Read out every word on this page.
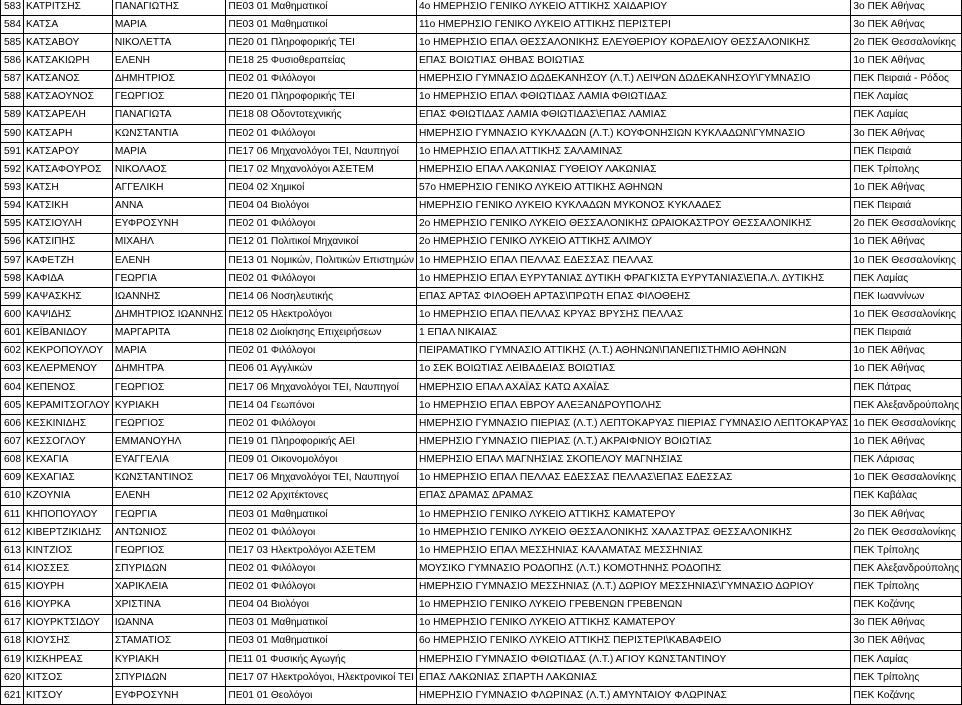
	583	ΚΑΤΡΙΤΣΗΣ	ΠΑΝΑΓΙΩΤΗΣ	ΠΕ03 01 Μαθηματικοί	4ο ΗΜΕΡΗΣΙΟ ΓΕΝΙΚΟ ΛΥΚΕΙΟ ΑΤΤΙΚΗΣ ΧΑΙΔΑΡΙΟΥ	3ο ΠΕΚ Αθήνας
	584	ΚΑΤΣΑ	ΜΑΡΙΑ	ΠΕ03 01 Μαθηματικοί	11ο ΗΜΕΡΗΣΙΟ ΓΕΝΙΚΟ ΛΥΚΕΙΟ ΑΤΤΙΚΗΣ ΠΕΡΙΣΤΕΡΙ	3ο ΠΕΚ Αθήνας
	585	ΚΑΤΣΑΒΟΥ	ΝΙΚΟΛΕΤΤΑ	ΠΕ20 01 Πληροφορικής ΤΕΙ	1ο ΗΜΕΡΗΣΙΟ ΕΠΑΛ ΘΕΣΣΑΛΟΝΙΚΗΣ ΕΛΕΥΘΕΡΙΟΥ ΚΟΡΔΕΛΙΟΥ ΘΕΣΣΑΛΟΝΙΚΗΣ	2ο ΠΕΚ Θεσσαλονίκης
	586	ΚΑΤΣΑΚΙΩΡΗ	ΕΛΕΝΗ	ΠΕ18 25 Φυσιοθεραπείας	ΕΠΑΣ ΒΟΙΩΤΙΑΣ ΘΗΒΑΣ ΒΟΙΩΤΙΑΣ	1ο ΠΕΚ Αθήνας
	587	ΚΑΤΣΑΝΟΣ	ΔΗΜΗΤΡΙΟΣ	ΠΕ02 01 Φιλόλογοι	ΗΜΕΡΗΣΙΟ ΓΥΜΝΑΣΙΟ ΔΩΔΕΚΑΝΗΣΟΥ (Λ.Τ.) ΛΕΙΨΩΝ ΔΩΔΕΚΑΝΗΣΟΥ\ΓΥΜΝΑΣΙΟ	ΠΕΚ Πειραιά - Ρόδος
	588	ΚΑΤΣΑΟΥΝΟΣ	ΓΕΩΡΓΙΟΣ	ΠΕ20 01 Πληροφορικής ΤΕΙ	1ο ΗΜΕΡΗΣΙΟ ΕΠΑΛ ΦΘΙΩΤΙΔΑΣ ΛΑΜΙΑ ΦΘΙΩΤΙΔΑΣ	ΠΕΚ Λαμίας
	589	ΚΑΤΣΑΡΕΛΗ	ΠΑΝΑΓΙΩΤΑ	ΠΕ18 08 Οδοντοτεχνικής	ΕΠΑΣ ΦΘΙΩΤΙΔΑΣ ΛΑΜΙΑ ΦΘΙΩΤΙΔΑΣ\ΕΠΑΣ ΛΑΜΙΑΣ	ΠΕΚ Λαμίας
	590	ΚΑΤΣΑΡΗ	ΚΩΝΣΤΑΝΤΙΑ	ΠΕ02 01 Φιλόλογοι	ΗΜΕΡΗΣΙΟ ΓΥΜΝΑΣΙΟ ΚΥΚΛΑΔΩΝ (Λ.Τ.) ΚΟΥΦΟΝΗΣΙΩΝ ΚΥΚΛΑΔΩΝ\ΓΥΜΝΑΣΙΟ	3ο ΠΕΚ Αθήνας
	591	ΚΑΤΣΑΡΟΥ	ΜΑΡΙΑ	ΠΕ17 06 Μηχανολόγοι ΤΕΙ, Ναυπηγοί	1ο ΗΜΕΡΗΣΙΟ ΕΠΑΛ ΑΤΤΙΚΗΣ ΣΑΛΑΜΙΝΑΣ	ΠΕΚ Πειραιά
	592	ΚΑΤΣΑΦΟΥΡΟΣ	ΝΙΚΟΛΑΟΣ	ΠΕ17 02 Μηχανολόγοι ΑΣΕΤΕΜ	ΗΜΕΡΗΣΙΟ ΕΠΑΛ ΛΑΚΩΝΙΑΣ ΓΥΘΕΙΟΥ ΛΑΚΩΝΙΑΣ	ΠΕΚ Τρίπολης
	593	ΚΑΤΣΗ	ΑΓΓΕΛΙΚΗ	ΠΕ04 02 Χημικοί	57ο ΗΜΕΡΗΣΙΟ ΓΕΝΙΚΟ ΛΥΚΕΙΟ ΑΤΤΙΚΗΣ ΑΘΗΝΩΝ	1ο ΠΕΚ Αθήνας
	594	ΚΑΤΣΙΚΗ	ΑΝΝΑ	ΠΕ04 04 Βιολόγοι	ΗΜΕΡΗΣΙΟ ΓΕΝΙΚΟ ΛΥΚΕΙΟ ΚΥΚΛΑΔΩΝ ΜΥΚΟΝΟΣ ΚΥΚΛΑΔΕΣ	ΠΕΚ Πειραιά
	595	ΚΑΤΣΙΟΥΛΗ	ΕΥΦΡΟΣΥΝΗ	ΠΕ02 01 Φιλόλογοι	2ο ΗΜΕΡΗΣΙΟ ΓΕΝΙΚΟ ΛΥΚΕΙΟ ΘΕΣΣΑΛΟΝΙΚΗΣ ΩΡΑΙΟΚΑΣΤΡΟΥ ΘΕΣΣΑΛΟΝΙΚΗΣ	2ο ΠΕΚ Θεσσαλονίκης
	596	ΚΑΤΣΙΠΗΣ	ΜΙΧΑΗΛ	ΠΕ12 01 Πολιτικοί Μηχανικοί	2ο ΗΜΕΡΗΣΙΟ ΓΕΝΙΚΟ ΛΥΚΕΙΟ ΑΤΤΙΚΗΣ ΑΛΙΜΟΥ	1ο ΠΕΚ Αθήνας
	597	ΚΑΦΕΤΖΗ	ΕΛΕΝΗ	ΠΕ13 01 Νομικών, Πολιτικών Επιστημών	1ο ΗΜΕΡΗΣΙΟ ΕΠΑΛ ΠΕΛΛΑΣ ΕΔΕΣΣΑΣ ΠΕΛΛΑΣ	1ο ΠΕΚ Θεσσαλονίκης
	598	ΚΑΦΙΔΑ	ΓΕΩΡΓΙΑ	ΠΕ02 01 Φιλόλογοι	1ο ΗΜΕΡΗΣΙΟ ΕΠΑΛ ΕΥΡΥΤΑΝΙΑΣ ΔΥΤΙΚΗ ΦΡΑΓΚΙΣΤΑ ΕΥΡΥΤΑΝΙΑΣ\ΕΠΑ.Λ. ΔΥΤΙΚΗΣ	ΠΕΚ Λαμίας
	599	ΚΑΨΑΣΚΗΣ	ΙΩΑΝΝΗΣ	ΠΕ14 06 Νοσηλευτικής	ΕΠΑΣ ΑΡΤΑΣ ΦΙΛΟΘΕΗ ΑΡΤΑΣ\ΠΡΩΤΗ ΕΠΑΣ ΦΙΛΟΘΕΗΣ	ΠΕΚ Ιωαννίνων
	600	ΚΑΨΙΔΗΣ	ΔΗΜΗΤΡΙΟΣ ΙΩΑΝΝΗΣ	ΠΕ12 05 Ηλεκτρολόγοι	1ο ΗΜΕΡΗΣΙΟ ΕΠΑΛ ΠΕΛΛΑΣ ΚΡΥΑΣ ΒΡΥΣΗΣ ΠΕΛΛΑΣ	1ο ΠΕΚ Θεσσαλονίκης
	601	ΚΕΪΒΑΝΙΔΟΥ	ΜΑΡΓΑΡΙΤΑ	ΠΕ18 02 Διοίκησης Επιχειρήσεων	1 ΕΠΑΛ ΝΙΚΑΙΑΣ	ΠΕΚ Πειραιά
	602	ΚΕΚΡΟΠΟΥΛΟΥ	ΜΑΡΙΑ	ΠΕ02 01 Φιλόλογοι	ΠΕΙΡΑΜΑΤΙΚΟ ΓΥΜΝΑΣΙΟ ΑΤΤΙΚΗΣ (Λ.Τ.) ΑΘΗΝΩΝ\ΠΑΝΕΠΙΣΤΗΜΙΟ ΑΘΗΝΩΝ	1ο ΠΕΚ Αθήνας
	603	ΚΕΛΕΡΜΕΝΟΥ	ΔΗΜΗΤΡΑ	ΠΕ06 01 Αγγλικών	1ο ΣΕΚ ΒΟΙΩΤΙΑΣ ΛΕΙΒΑΔΕΙΑΣ ΒΟΙΩΤΙΑΣ	1ο ΠΕΚ Αθήνας
	604	ΚΕΠΕΝΟΣ	ΓΕΩΡΓΙΟΣ	ΠΕ17 06 Μηχανολόγοι ΤΕΙ, Ναυπηγοί	ΗΜΕΡΗΣΙΟ ΕΠΑΛ ΑΧΑΪΑΣ ΚΑΤΩ ΑΧΑΪΑΣ	ΠΕΚ Πάτρας
	605	ΚΕΡΑΜΙΤΣΟΓΛΟΥ	ΚΥΡΙΑΚΗ	ΠΕ14 04 Γεωπόνοι	1ο ΗΜΕΡΗΣΙΟ ΕΠΑΛ ΕΒΡΟΥ ΑΛΕΞΑΝΔΡΟΥΠΟΛΗΣ	ΠΕΚ Αλεξανδρούπολης
	606	ΚΕΣΚΙΝΙΔΗΣ	ΓΕΩΡΓΙΟΣ	ΠΕ02 01 Φιλόλογοι	ΗΜΕΡΗΣΙΟ ΓΥΜΝΑΣΙΟ ΠΙΕΡΙΑΣ (Λ.Τ.) ΛΕΠΤΟΚΑΡΥΑΣ ΠΙΕΡΙΑΣ ΓΥΜΝΑΣΙΟ ΛΕΠΤΟΚΑΡΥΑΣ	1ο ΠΕΚ Θεσσαλονίκης
	607	ΚΕΣΣΟΓΛΟΥ	ΕΜΜΑΝΟΥΗΛ	ΠΕ19 01 Πληροφορικής ΑΕΙ	ΗΜΕΡΗΣΙΟ ΓΥΜΝΑΣΙΟ ΠΙΕΡΙΑΣ (Λ.Τ.) ΑΚΡΑΙΦΝΙΟΥ ΒΟΙΩΤΙΑΣ	1ο ΠΕΚ Αθήνας
	608	ΚΕΧΑΓΙΑ	ΕΥΑΓΓΕΛΙΑ	ΠΕ09 01 Οικονομολόγοι	ΗΜΕΡΗΣΙΟ ΕΠΑΛ ΜΑΓΝΗΣΙΑΣ ΣΚΟΠΕΛΟΥ ΜΑΓΝΗΣΙΑΣ	ΠΕΚ Λάρισας
	609	ΚΕΧΑΓΙΑΣ	ΚΩΝΣΤΑΝΤΙΝΟΣ	ΠΕ17 06 Μηχανολόγοι ΤΕΙ, Ναυπηγοί	1ο ΗΜΕΡΗΣΙΟ ΕΠΑΛ ΠΕΛΛΑΣ ΕΔΕΣΣΑΣ ΠΕΛΛΑΣ\ΕΠΑΣ ΕΔΕΣΣΑΣ	1ο ΠΕΚ Θεσσαλονίκης
	610	ΚΖΟΥΝΙΑ	ΕΛΕΝΗ	ΠΕ12 02 Αρχιτέκτονες	ΕΠΑΣ ΔΡΑΜΑΣ ΔΡΑΜΑΣ	ΠΕΚ Καβάλας
	611	ΚΗΠΟΠΟΥΛΟΥ	ΓΕΩΡΓΙΑ	ΠΕ03 01 Μαθηματικοί	1ο ΗΜΕΡΗΣΙΟ ΓΕΝΙΚΟ ΛΥΚΕΙΟ ΑΤΤΙΚΗΣ ΚΑΜΑΤΕΡΟΥ	3ο ΠΕΚ Αθήνας
	612	ΚΙΒΕΡΤΖΙΚΙΔΗΣ	ΑΝΤΩΝΙΟΣ	ΠΕ02 01 Φιλόλογοι	1ο ΗΜΕΡΗΣΙΟ ΓΕΝΙΚΟ ΛΥΚΕΙΟ ΘΕΣΣΑΛΟΝΙΚΗΣ ΧΑΛΑΣΤΡΑΣ ΘΕΣΣΑΛΟΝΙΚΗΣ	2ο ΠΕΚ Θεσσαλονίκης
	613	ΚΙΝΤΖΙΟΣ	ΓΕΩΡΓΙΟΣ	ΠΕ17 03 Ηλεκτρολόγοι ΑΣΕΤΕΜ	1ο ΗΜΕΡΗΣΙΟ ΕΠΑΛ ΜΕΣΣΗΝΙΑΣ ΚΑΛΑΜΑΤΑΣ ΜΕΣΣΗΝΙΑΣ	ΠΕΚ Τρίπολης
	614	ΚΙΟΣΣΕΣ	ΣΠΥΡΙΔΩΝ	ΠΕ02 01 Φιλόλογοι	ΜΟΥΣΙΚΟ ΓΥΜΝΑΣΙΟ ΡΟΔΟΠΗΣ (Λ.Τ.) ΚΟΜΟΤΗΝΗΣ ΡΟΔΟΠΗΣ	ΠΕΚ Αλεξανδρούπολης
	615	ΚΙΟΥΡΗ	ΧΑΡΙΚΛΕΙΑ	ΠΕ02 01 Φιλόλογοι	ΗΜΕΡΗΣΙΟ ΓΥΜΝΑΣΙΟ ΜΕΣΣΗΝΙΑΣ (Λ.Τ.) ΔΩΡΙΟΥ ΜΕΣΣΗΝΙΑΣ\ΓΥΜΝΑΣΙΟ ΔΩΡΙΟΥ	ΠΕΚ Τρίπολης
	616	ΚΙΟΥΡΚΑ	ΧΡΙΣΤΙΝΑ	ΠΕ04 04 Βιολόγοι	1ο ΗΜΕΡΗΣΙΟ ΓΕΝΙΚΟ ΛΥΚΕΙΟ ΓΡΕΒΕΝΩΝ ΓΡΕΒΕΝΩΝ	ΠΕΚ Κοζάνης
	617	ΚΙΟΥΡΚΤΣΙΔΟΥ	ΙΩΑΝΝΑ	ΠΕ03 01 Μαθηματικοί	1ο ΗΜΕΡΗΣΙΟ ΓΕΝΙΚΟ ΛΥΚΕΙΟ ΑΤΤΙΚΗΣ ΚΑΜΑΤΕΡΟΥ	3ο ΠΕΚ Αθήνας
	618	ΚΙΟΥΣΗΣ	ΣΤΑΜΑΤΙΟΣ	ΠΕ03 01 Μαθηματικοί	6ο ΗΜΕΡΗΣΙΟ ΓΕΝΙΚΟ ΛΥΚΕΙΟ ΑΤΤΙΚΗΣ ΠΕΡΙΣΤΕΡΙ\ΚΑΒΑΦΕΙΟ	3ο ΠΕΚ Αθήνας
	619	ΚΙΣΚΗΡΕΑΣ	ΚΥΡΙΑΚΗ	ΠΕ11 01 Φυσικής Αγωγής	ΗΜΕΡΗΣΙΟ ΓΥΜΝΑΣΙΟ ΦΘΙΩΤΙΔΑΣ (Λ.Τ.) ΑΓΙΟΥ ΚΩΝΣΤΑΝΤΙΝΟΥ	ΠΕΚ Λαμίας
	620	ΚΙΤΣΟΣ	ΣΠΥΡΙΔΩΝ	ΠΕ17 07 Ηλεκτρολόγοι, Ηλεκτρονικοί ΤΕΙ	ΕΠΑΣ ΛΑΚΩΝΙΑΣ ΣΠΑΡΤΗ ΛΑΚΩΝΙΑΣ	ΠΕΚ Τρίπολης
	621	ΚΙΤΣΟΥ	ΕΥΦΡΟΣΥΝΗ	ΠΕ01 01 Θεολόγοι	ΗΜΕΡΗΣΙΟ ΓΥΜΝΑΣΙΟ ΦΛΩΡΙΝΑΣ (Λ.Τ.) ΑΜΥΝΤΑΙΟΥ ΦΛΩΡΙΝΑΣ	ΠΕΚ Κοζάνης
